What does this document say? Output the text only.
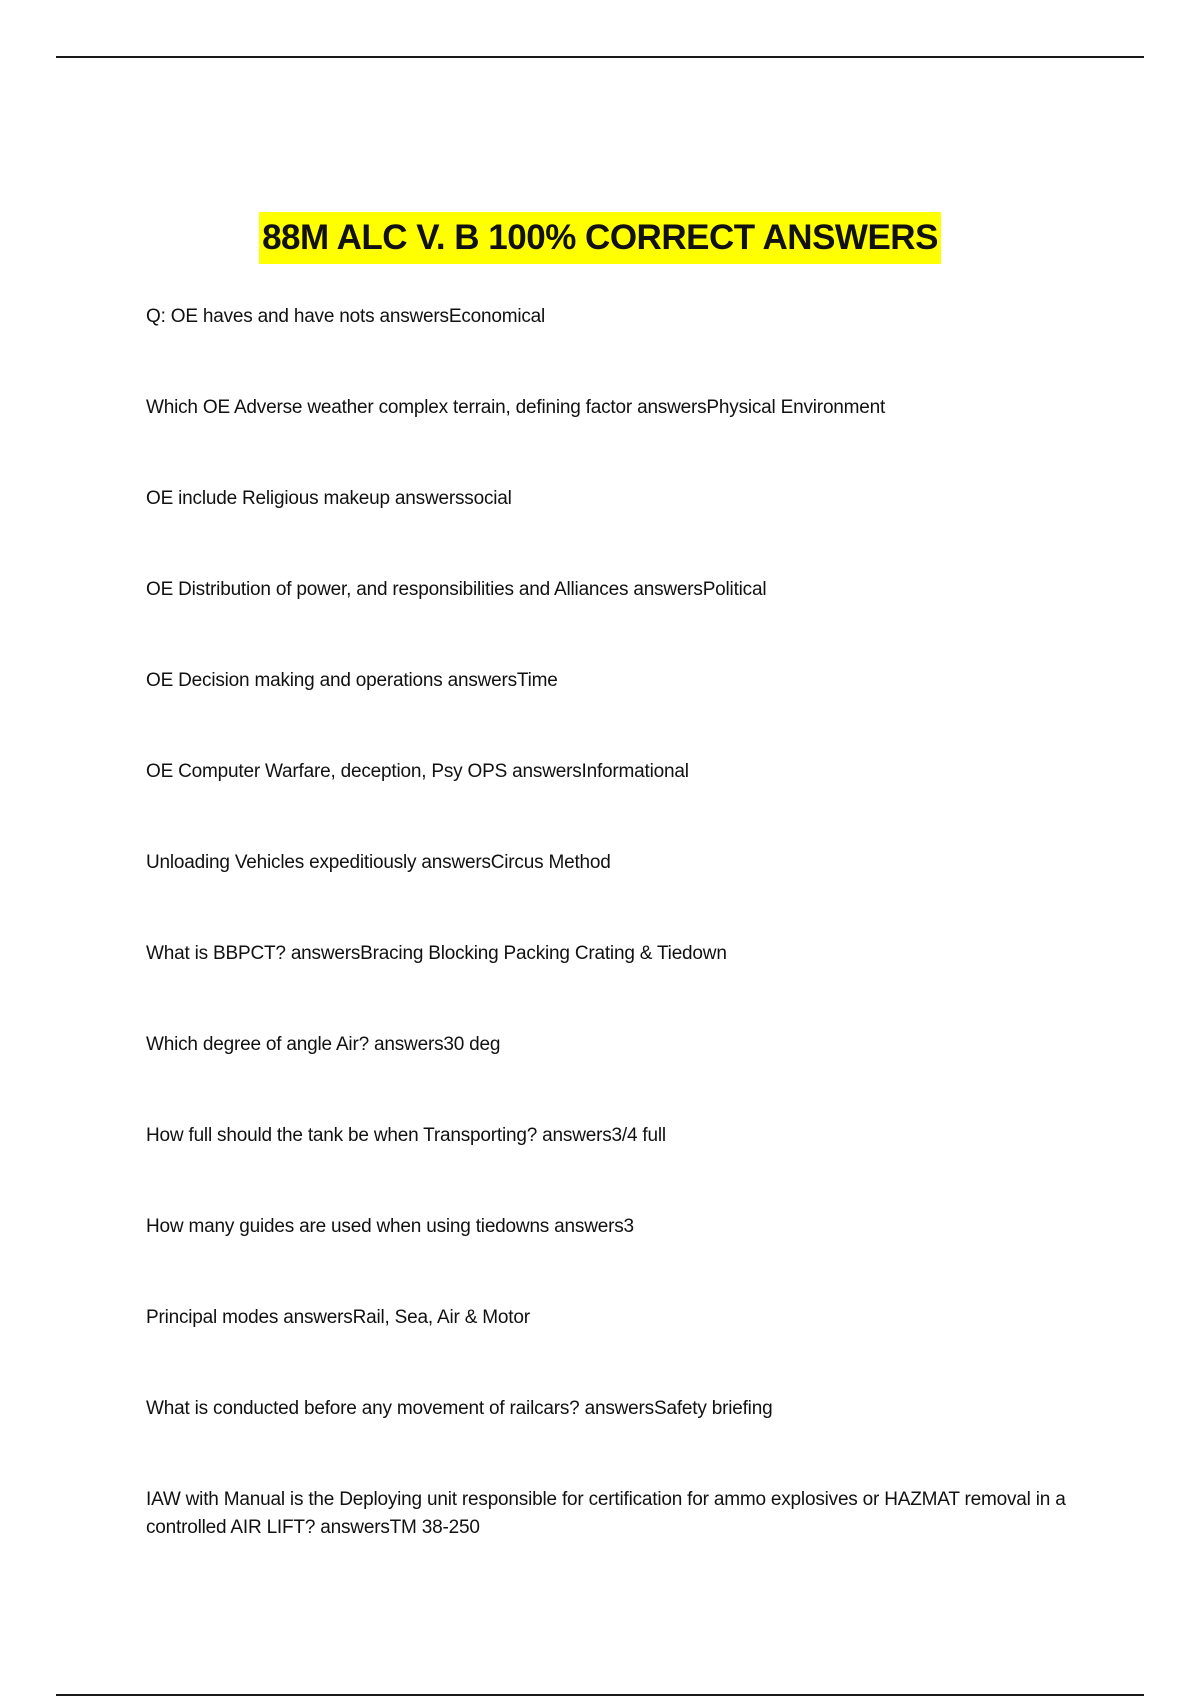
88M ALC V. B 100% CORRECT ANSWERS
Q: OE haves and have nots answersEconomical
Which OE Adverse weather complex terrain, defining factor answersPhysical Environment
OE include Religious makeup answerssocial
OE Distribution of power, and responsibilities and Alliances answersPolitical
OE Decision making and operations answersTime
OE Computer Warfare, deception, Psy OPS answersInformational
Unloading Vehicles expeditiously answersCircus Method
What is BBPCT? answersBracing Blocking Packing Crating & Tiedown
Which degree of angle Air? answers30 deg
How full should the tank be when Transporting? answers3/4 full
How many guides are used when using tiedowns answers3
Principal modes answersRail, Sea, Air & Motor
What is conducted before any movement of railcars? answersSafety briefing
IAW with Manual is the Deploying unit responsible for certification for ammo explosives or HAZMAT removal in a controlled AIR LIFT? answersTM 38-250
